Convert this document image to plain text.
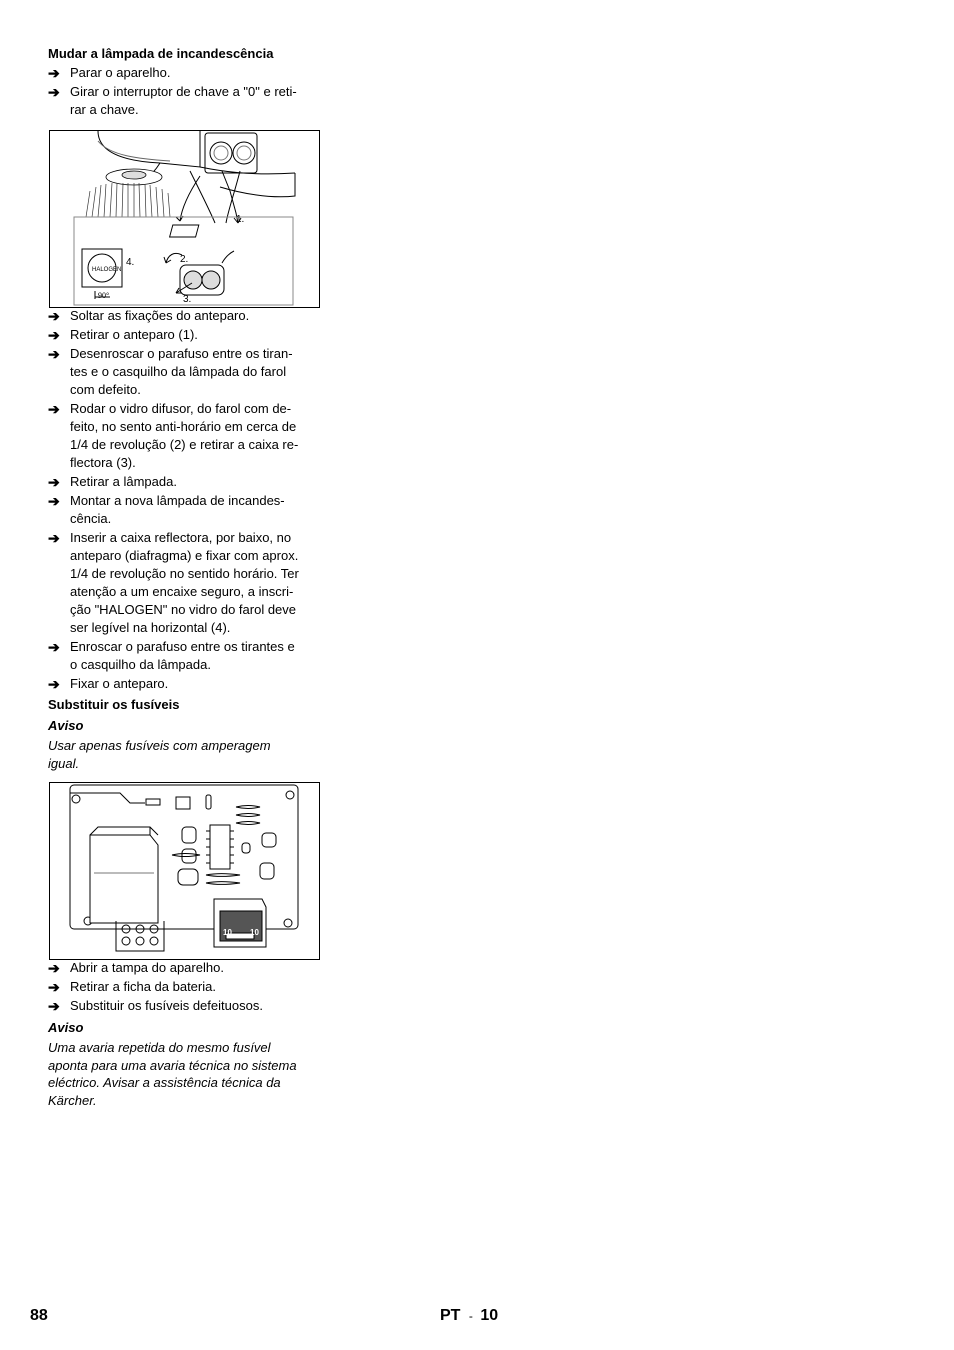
Mudar a lâmpada de incandescência
➔ Parar o aparelho.
➔ Girar o interruptor de chave a "0" e reti-
rar a chave.
1.
HALOGEN
90°
4.	2.
3.
➔ Soltar as fixações do anteparo.
➔ Retirar o anteparo (1).
➔ Desenroscar o parafuso entre os tiran-
tes e o casquilho da lâmpada do farol
com defeito.
➔ Rodar o vidro difusor, do farol com de-
feito, no sento anti-horário em cerca de
1/4 de revolução (2) e retirar a caixa re-
flectora (3).
➔ Retirar a lâmpada.
➔ Montar a nova lâmpada de incandes-
cência.
➔ Inserir a caixa reflectora, por baixo, no
anteparo (diafragma) e fixar com aprox.
1/4 de revolução no sentido horário. Ter
atenção a um encaixe seguro, a inscri-
ção "HALOGEN" no vidro do farol deve
ser legível na horizontal (4).
➔ Enroscar o parafuso entre os tirantes e
o casquilho da lâmpada.
➔ Fixar o anteparo.
Substituir os fusíveis
Aviso
Usar apenas fusíveis com amperagem
igual.
10 10
➔ Abrir a tampa do aparelho.
➔ Retirar a ficha da bateria.
➔ Substituir os fusíveis defeituosos.
Aviso
Uma avaria repetida do mesmo fusível
aponta para uma avaria técnica no sistema
eléctrico. Avisar a assistência técnica da
Kärcher.
88	PT - 10
